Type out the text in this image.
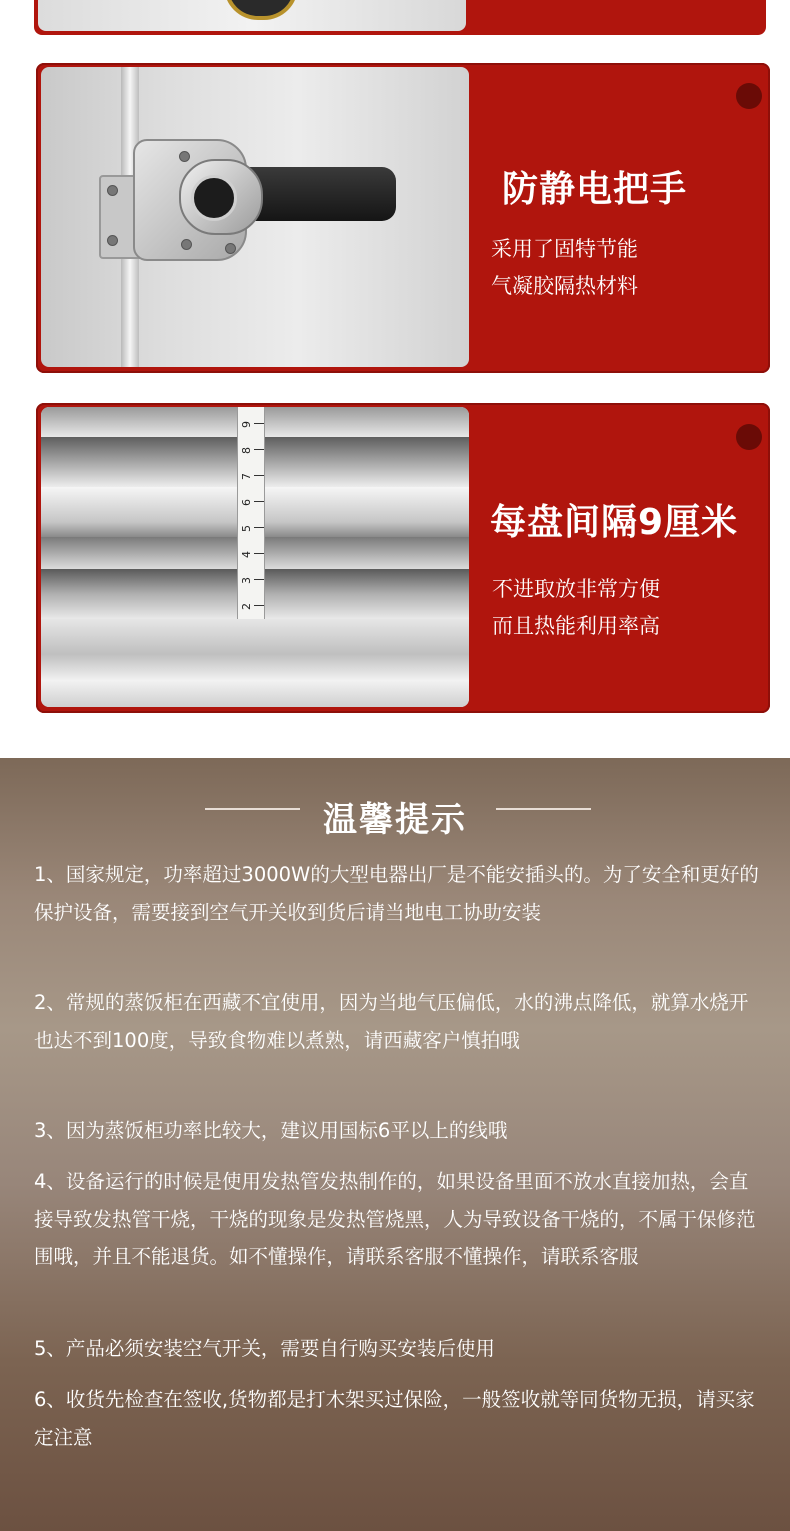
防静电把手
采用了固特节能
气凝胶隔热材料
9
8
7
6
5
4
3
2
每盘间隔9厘米
不进取放非常方便
而且热能利用率高
温馨提示
1、国家规定，功率超过3000W的大型电器出厂是不能安插头的。为了安全和更好的保护设备，需要接到空气开关收到货后请当地电工协助安装
2、常规的蒸饭柜在西藏不宜使用，因为当地气压偏低，水的沸点降低，就算水烧开也达不到100度，导致食物难以煮熟，请西藏客户慎拍哦
3、因为蒸饭柜功率比较大，建议用国标6平以上的线哦
4、设备运行的时候是使用发热管发热制作的，如果设备里面不放水直接加热，会直接导致发热管干烧，干烧的现象是发热管烧黑，人为导致设备干烧的，不属于保修范围哦，并且不能退货。如不懂操作，请联系客服不懂操作，请联系客服
5、产品必须安装空气开关，需要自行购买安装后使用
6、收货先检查在签收,货物都是打木架买过保险，一般签收就等同货物无损，请买家定注意
